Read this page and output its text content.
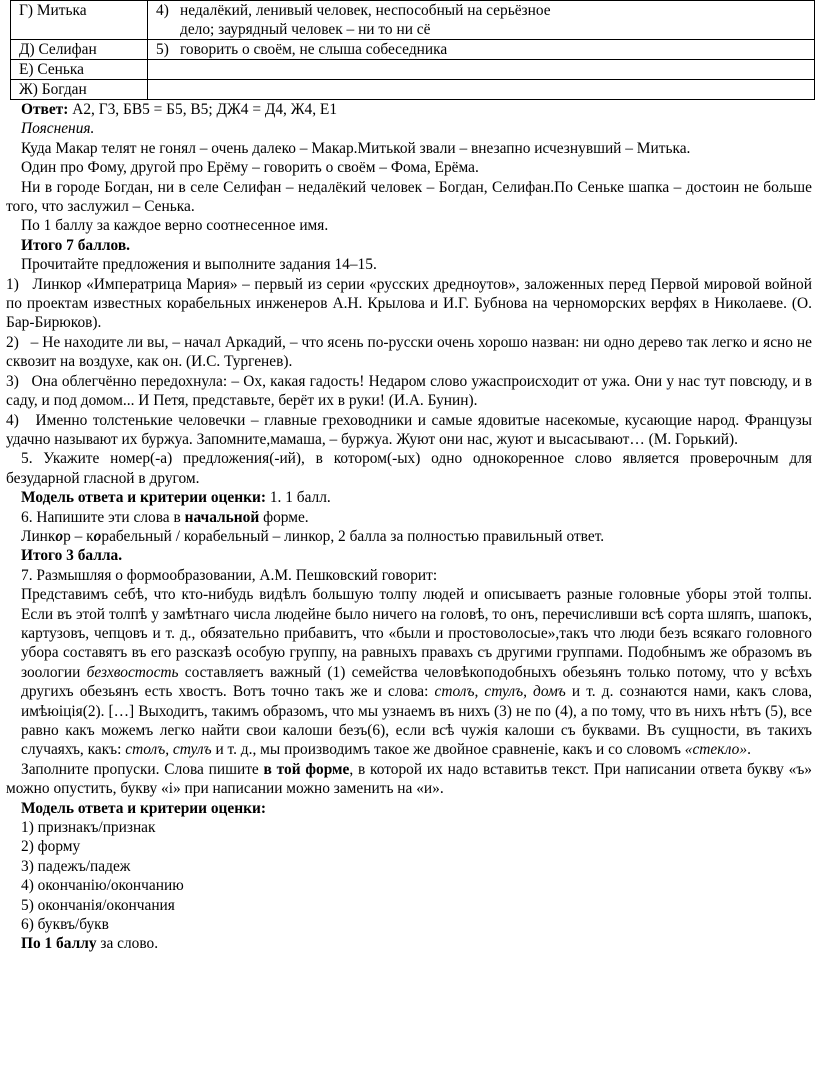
Г) Митька	4) недалёкий, ленивый человек, неспособный на серьёзное
дело; заурядный человек – ни то ни сё
Д) Селифан	5) говорить о своём, не слыша собеседника
Е) Сенька	
Ж) Богдан	

Ответ: А2, Г3, БВ5 = Б5, В5; ДЖ4 = Д4, Ж4, Е1

Пояснения.

Куда Макар телят не гонял – очень далеко – Макар.Митькой звали – внезапно исчезнувший – Митька.

Один про Фому, другой про Ерёму – говорить о своём – Фома, Ерёма.

Ни в городе Богдан, ни в селе Селифан – недалёкий человек – Богдан, Селифан.По Сеньке шапка – достоин не больше того, что заслужил – Сенька.

По 1 баллу за каждое верно соотнесенное имя.

Итого 7 баллов.

Прочитайте предложения и выполните задания 14–15.

1) Линкор «Императрица Мария» – первый из серии «русских дредноутов», заложенных перед Первой мировой войной по проектам известных корабельных инженеров А.Н. Крылова и И.Г. Бубнова на черноморских верфях в Николаеве. (О. Бар-Бирюков).

2) – Не находите ли вы, – начал Аркадий, – что ясень по-русски очень хорошо назван: ни одно дерево так легко и ясно не сквозит на воздухе, как он. (И.С. Тургенев).

3) Она облегчённо передохнула: – Ох, какая гадость! Недаром слово ужаспроисходит от ужа. Они у нас тут повсюду, и в саду, и под домом... И Петя, представьте, берёт их в руки! (И.А. Бунин).

4) Именно толстенькие человечки – главные греховодники и самые ядовитые насекомые, кусающие народ. Французы удачно называют их буржуа. Запомните,мамаша, – буржуа. Жуют они нас, жуют и высасывают… (М. Горький).

5. Укажите номер(-а) предложения(-ий), в котором(-ых) одно однокоренное слово является проверочным для безударной гласной в другом.

Модель ответа и критерии оценки: 1. 1 балл.

6. Напишите эти слова в начальной форме.

Линкор – корабельный / корабельный – линкор, 2 балла за полностью правильный ответ.

Итого 3 балла.

7. Размышляя о формообразовании, А.М. Пешковский говорит:

Представимъ себѣ, что кто-нибудь видѣлъ большую толпу людей и описываетъ разные головные уборы этой толпы. Если въ этой толпѣ у замѣтнаго числа людейне было ничего на головѣ, то онъ, перечисливши всѣ сорта шляпъ, шапокъ, картузовъ, чепцовъ и т. д., обязательно прибавитъ, что «были и простоволосые»,такъ что люди безъ всякаго головного убора составятъ въ его разсказѣ особую группу, на равныхъ правахъ съ другими группами. Подобнымъ же образомъ въ зоологии безхвостость составляетъ важный (1) семейства человѣкоподобныхъ обезьянъ только потому, что у всѣхъ другихъ обезьянъ есть хвостъ. Вотъ точно такъ же и слова: столъ, стулъ, домъ и т. д. сознаются нами, какъ слова, имѣюіція(2). […] Выходитъ, такимъ образомъ, что мы узнаемъ въ нихъ (3) не по (4), а по тому, что въ нихъ нѣтъ (5), все равно какъ можемъ легко найти свои калоши безъ(6), если всѣ чужія калоши съ буквами. Въ сущности, въ такихъ случаяхъ, какъ: столъ, стулъ и т. д., мы производимъ такое же двойное сравненіе, какъ и со словомъ «стекло».

Заполните пропуски. Слова пишите в той форме, в которой их надо вставитьв текст. При написании ответа букву «ъ» можно опустить, букву «і» при написании можно заменить на «и».

Модель ответа и критерии оценки:

1) признакъ/признак
2) форму
3) падежъ/падеж
4) окончанію/окончанию
5) окончанія/окончания
6) буквъ/букв

По 1 баллу за слово.
